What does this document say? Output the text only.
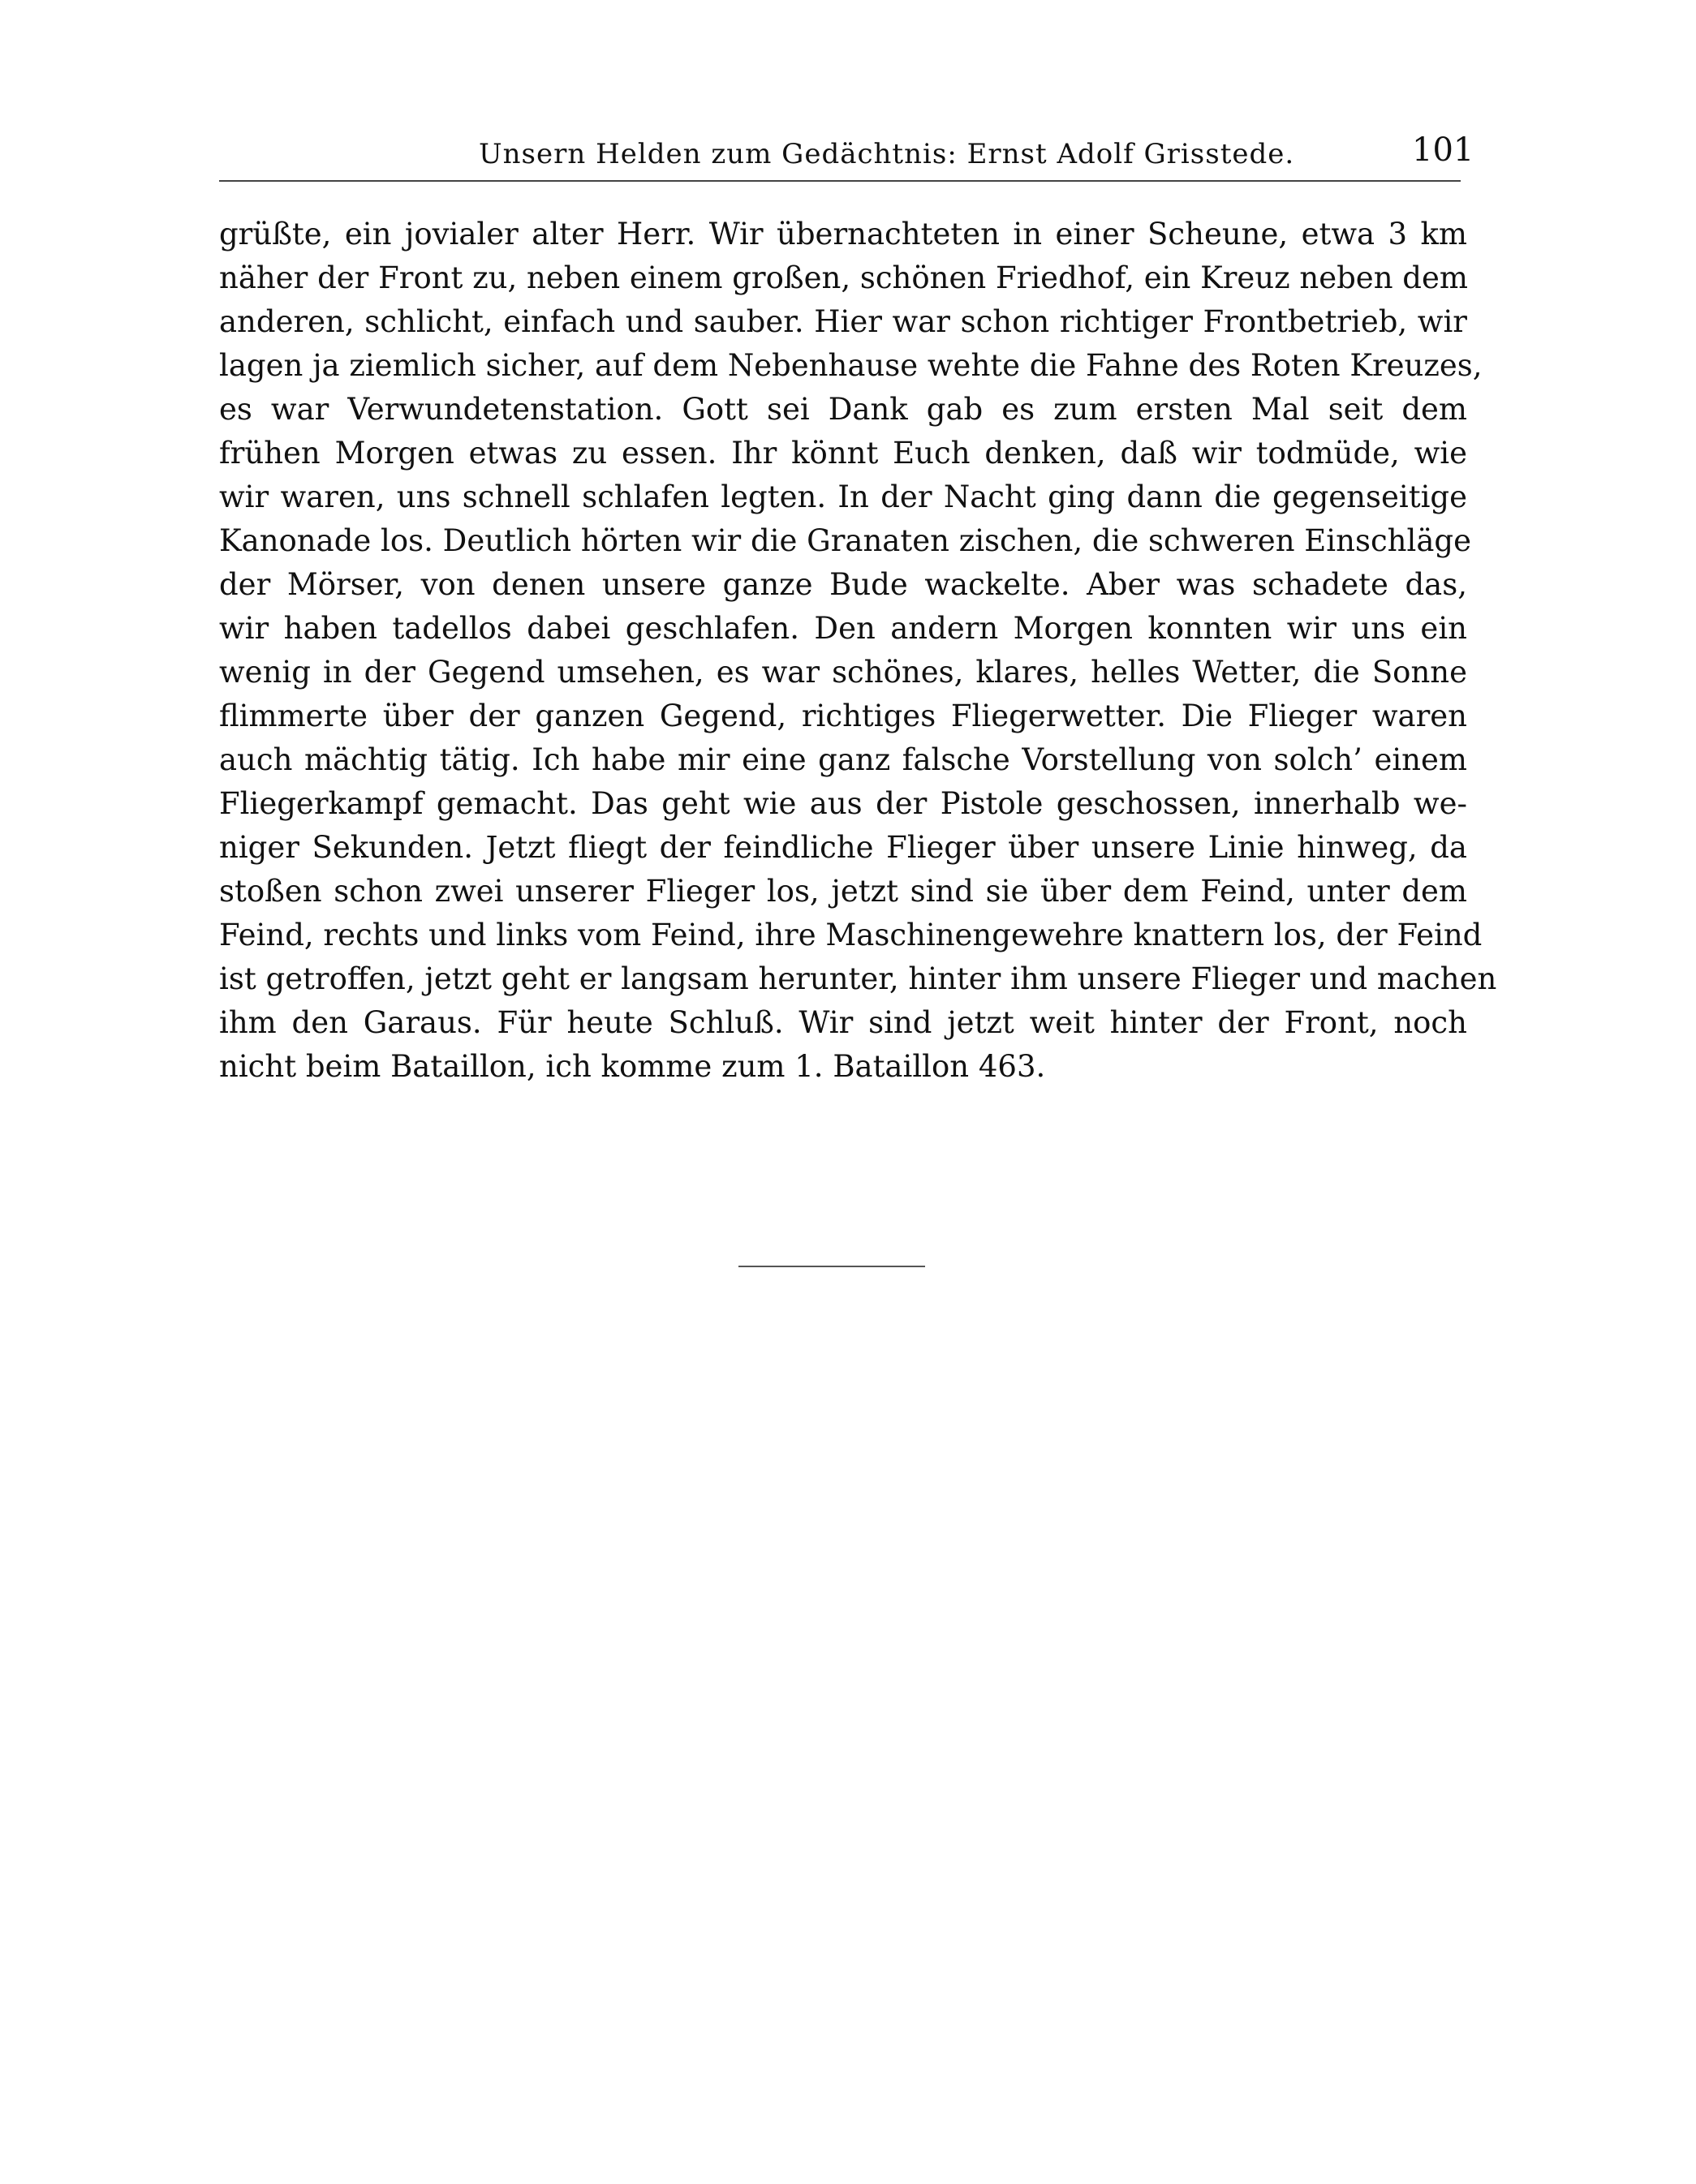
Unsern Helden zum Gedächtnis: Ernst Adolf Grisstede.	101
grüßte, ein jovialer alter Herr. Wir übernachteten in einer Scheune, etwa 3 km
näher der Front zu, neben einem großen, schönen Friedhof, ein Kreuz neben dem
anderen, schlicht, einfach und sauber. Hier war schon richtiger Frontbetrieb, wir
lagen ja ziemlich sicher, auf dem Nebenhause wehte die Fahne des Roten Kreuzes,
es war Verwundetenstation. Gott sei Dank gab es zum ersten Mal seit dem
frühen Morgen etwas zu essen. Ihr könnt Euch denken, daß wir todmüde, wie
wir waren, uns schnell schlafen legten. In der Nacht ging dann die gegenseitige
Kanonade los. Deutlich hörten wir die Granaten zischen, die schweren Einschläge
der Mörser, von denen unsere ganze Bude wackelte. Aber was schadete das,
wir haben tadellos dabei geschlafen. Den andern Morgen konnten wir uns ein
wenig in der Gegend umsehen, es war schönes, klares, helles Wetter, die Sonne
flimmerte über der ganzen Gegend, richtiges Fliegerwetter. Die Flieger waren
auch mächtig tätig. Ich habe mir eine ganz falsche Vorstellung von solch’ einem
Fliegerkampf gemacht. Das geht wie aus der Pistole geschossen, innerhalb we-
niger Sekunden. Jetzt fliegt der feindliche Flieger über unsere Linie hinweg, da
stoßen schon zwei unserer Flieger los, jetzt sind sie über dem Feind, unter dem
Feind, rechts und links vom Feind, ihre Maschinengewehre knattern los, der Feind
ist getroffen, jetzt geht er langsam herunter, hinter ihm unsere Flieger und machen
ihm den Garaus. Für heute Schluß. Wir sind jetzt weit hinter der Front, noch
nicht beim Bataillon, ich komme zum 1. Bataillon 463.
